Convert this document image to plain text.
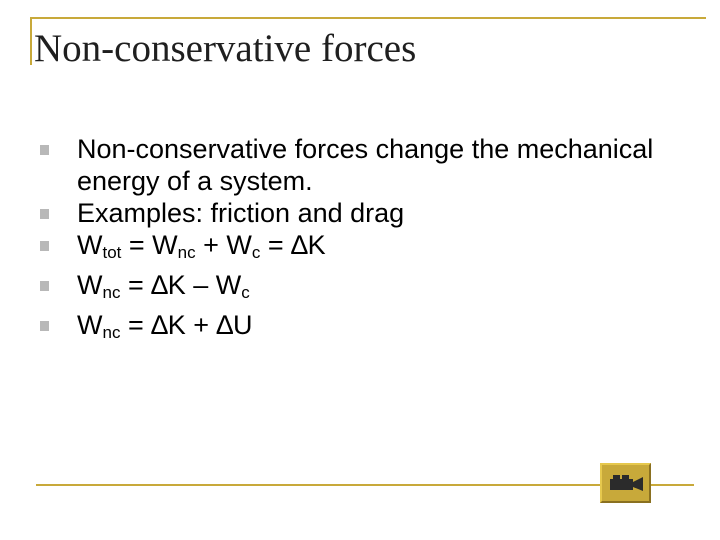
Non-conservative forces
Non-conservative forces change the mechanical energy of a system.
Examples: friction and drag
$W_{tot} = W_{nc} + W_c = \Delta K$
$W_{nc} = \Delta K - W_c$
$W_{nc} = \Delta K + \Delta U$
